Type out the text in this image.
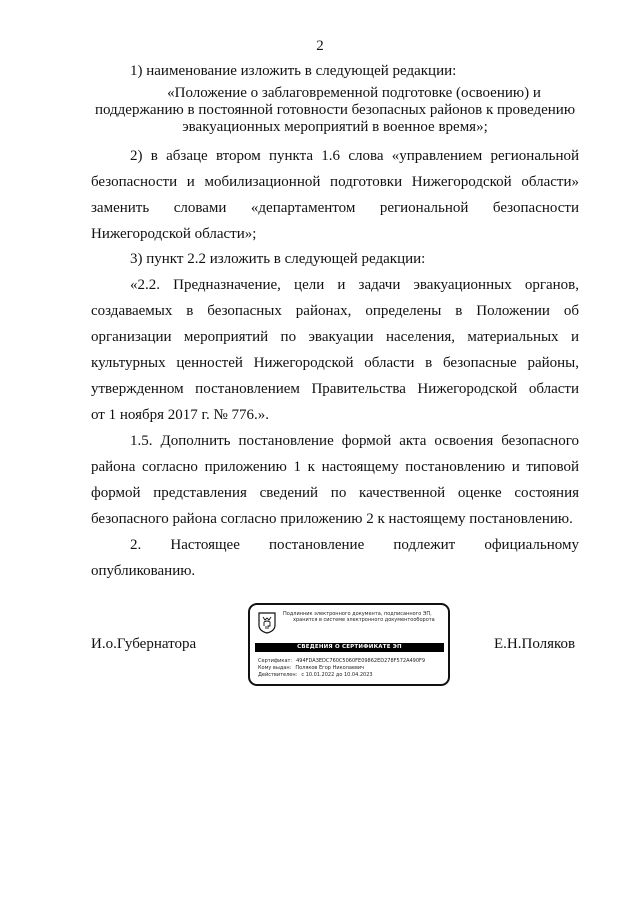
2

1) наименование изложить в следующей редакции:

«Положение о заблаговременной подготовке (освоению) и
поддержанию в постоянной готовности безопасных районов к проведению
эвакуационных мероприятий в военное время»;
2) в абзаце втором пункта 1.6 слова «управлением региональной
безопасности и мобилизационной подготовки Нижегородской области»
заменить словами «департаментом региональной безопасности
Нижегородской области»;

3) пункт 2.2 изложить в следующей редакции:

«2.2. Предназначение, цели и задачи эвакуационных органов,
создаваемых в безопасных районах, определены в Положении об
организации мероприятий по эвакуации населения, материальных и
культурных ценностей Нижегородской области в безопасные районы,
утвержденном постановлением Правительства Нижегородской области
от 1 ноября 2017 г. № 776.».
1.5. Дополнить постановление формой акта освоения безопасного
района согласно приложению 1 к настоящему постановлению и типовой
формой представления сведений по качественной оценке состояния
безопасного района согласно приложению 2 к настоящему постановлению.
2. Настоящее постановление подлежит официальному
опубликованию.
И.о.Губернатора
Подлинник электронного документа, подписанного ЭП,
хранится в системе электронного документооборота
СВЕДЕНИЯ О СЕРТИФИКАТЕ ЭП
Сертификат: 494FDA3EDC760C5060FE09862ED278F572A490F9
Кому выдан: Поляков Егор Николаевич
Действителен: с 10.01.2022 до 10.04.2023
Е.Н.Поляков
